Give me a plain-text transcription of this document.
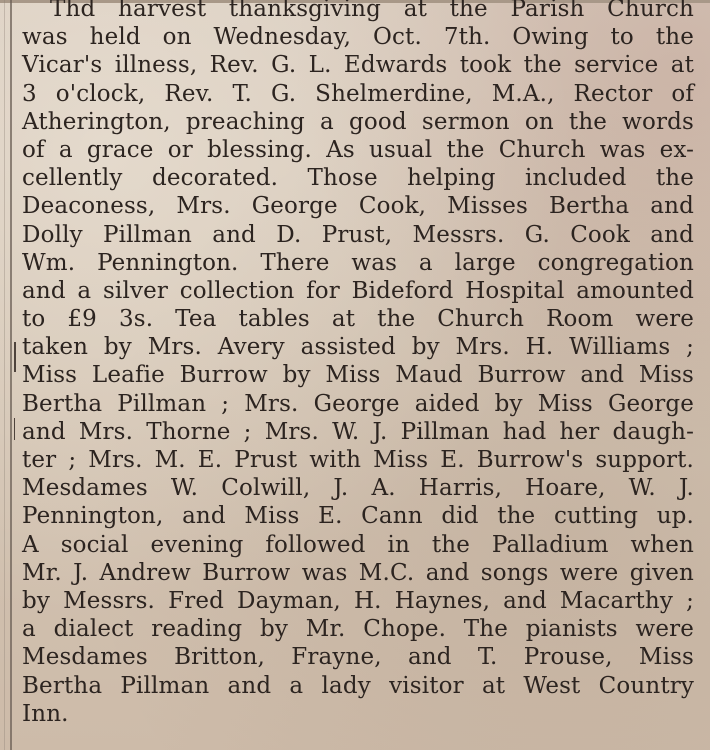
Thd harvest thanksgiving at the Parish Church
was held on Wednesday, Oct. 7th. Owing to the
Vicar's illness, Rev. G. L. Edwards took the service at
3 o'clock, Rev. T. G. Shelmerdine, M.A., Rector of
Atherington, preaching a good sermon on the words
of a grace or blessing. As usual the Church was ex-
cellently decorated. Those helping included the
Deaconess, Mrs. George Cook, Misses Bertha and
Dolly Pillman and D. Prust, Messrs. G. Cook and
Wm. Pennington. There was a large congregation
and a silver collection for Bideford Hospital amounted
to £9 3s. Tea tables at the Church Room were
taken by Mrs. Avery assisted by Mrs. H. Williams ;
Miss Leafie Burrow by Miss Maud Burrow and Miss
Bertha Pillman ; Mrs. George aided by Miss George
and Mrs. Thorne ; Mrs. W. J. Pillman had her daugh-
ter ; Mrs. M. E. Prust with Miss E. Burrow's support.
Mesdames W. Colwill, J. A. Harris, Hoare, W. J.
Pennington, and Miss E. Cann did the cutting up.
A social evening followed in the Palladium when
Mr. J. Andrew Burrow was M.C. and songs were given
by Messrs. Fred Dayman, H. Haynes, and Macarthy ;
a dialect reading by Mr. Chope. The pianists were
Mesdames Britton, Frayne, and T. Prouse, Miss
Bertha Pillman and a lady visitor at West Country
Inn.
